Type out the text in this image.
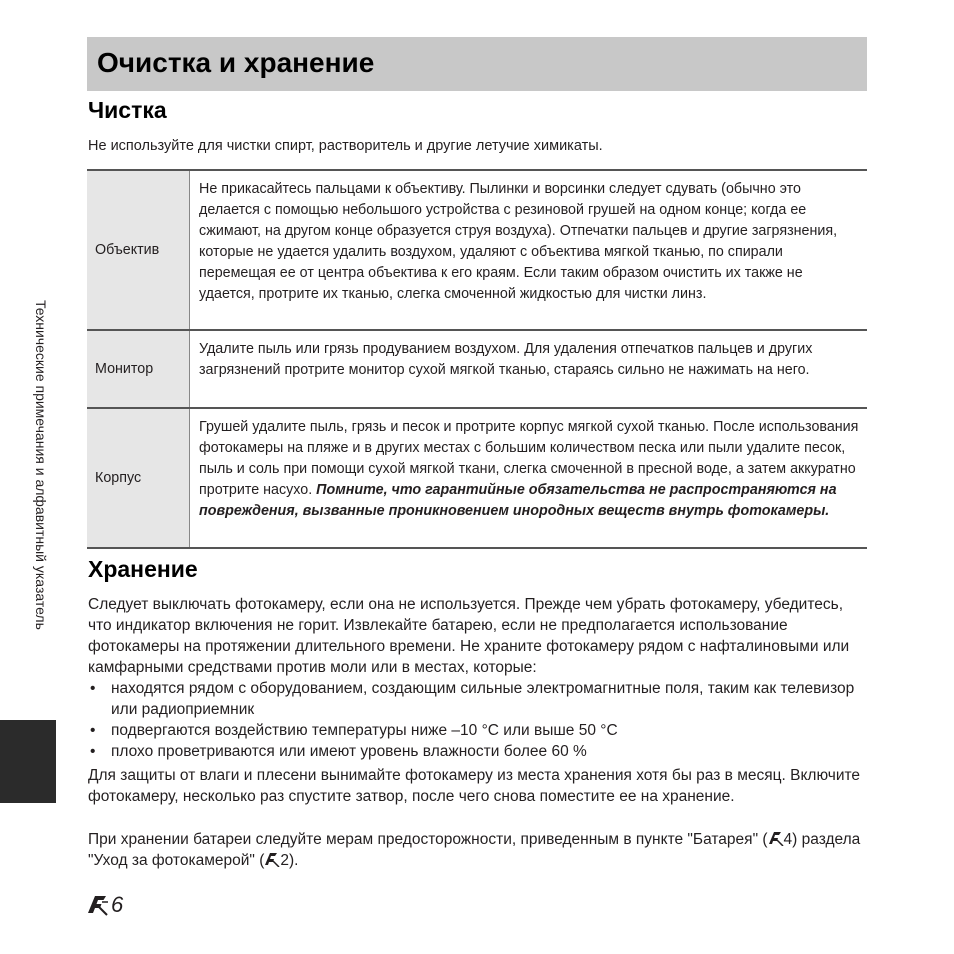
Очистка и хранение
Чистка

Не используйте для чистки спирт, растворитель и другие летучие химикаты.

Объектив	Не прикасайтесь пальцами к объективу. Пылинки и ворсинки следует сдувать (обычно это делается с помощью небольшого устройства с резиновой грушей на одном конце; когда ее сжимают, на другом конце образуется струя воздуха). Отпечатки пальцев и другие загрязнения, которые не удается удалить воздухом, удаляют с объектива мягкой тканью, по спирали перемещая ее от центра объектива к его краям. Если таким образом очистить их также не удается, протрите их тканью, слегка смоченной жидкостью для чистки линз.
Монитор	Удалите пыль или грязь продуванием воздухом. Для удаления отпечатков пальцев и других загрязнений протрите монитор сухой мягкой тканью, стараясь сильно не нажимать на него.
Корпус	Грушей удалите пыль, грязь и песок и протрите корпус мягкой сухой тканью. После использования фотокамеры на пляже и в других местах с большим количеством песка или пыли удалите песок, пыль и соль при помощи сухой мягкой ткани, слегка смоченной в пресной воде, а затем аккуратно протрите насухо. Помните, что гарантийные обязательства не распространяются на повреждения, вызванные проникновением инородных веществ внутрь фотокамеры.
Хранение

Следует выключать фотокамеру, если она не используется. Прежде чем убрать фотокамеру, убедитесь, что индикатор включения не горит. Извлекайте батарею, если не предполагается использование фотокамеры на протяжении длительного времени. Не храните фотокамеру рядом с нафталиновыми или камфарными средствами против моли или в местах, которые:

• находятся рядом с оборудованием, создающим сильные электромагнитные поля, таким как телевизор или радиоприемник
• подвергаются воздействию температуры ниже –10 °C или выше 50 °C
• плохо проветриваются или имеют уровень влажности более 60 %

Для защиты от влаги и плесени вынимайте фотокамеру из места хранения хотя бы раз в месяц. Включите фотокамеру, несколько раз спустите затвор, после чего снова поместите ее на хранение.

При хранении батареи следуйте мерам предосторожности, приведенным в пункте "Батарея" ( 4) раздела "Уход за фотокамерой" ( 2).

Технические примечания и алфавитный указатель
6
